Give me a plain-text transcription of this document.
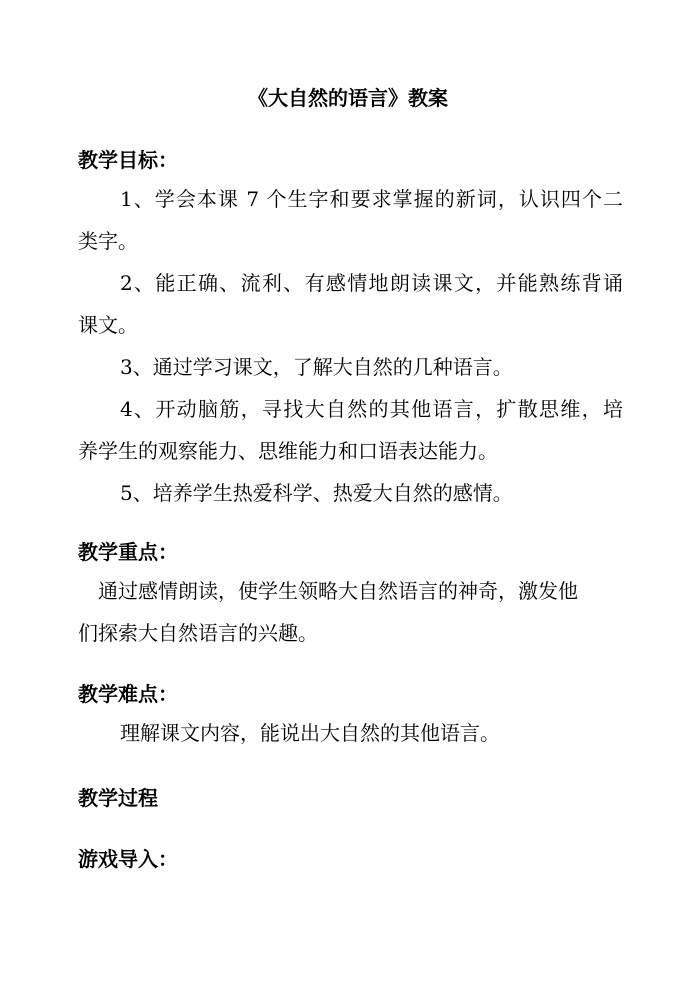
《大自然的语言》教案
教学目标：
1、学会本课 7 个生字和要求掌握的新词，认识四个二
类字。
2、能正确、流利、有感情地朗读课文，并能熟练背诵
课文。
3、通过学习课文，了解大自然的几种语言。
4、开动脑筋，寻找大自然的其他语言，扩散思维，培
养学生的观察能力、思维能力和口语表达能力。
5、培养学生热爱科学、热爱大自然的感情。
教学重点：
通过感情朗读，使学生领略大自然语言的神奇，激发他
们探索大自然语言的兴趣。
教学难点：
理解课文内容，能说出大自然的其他语言。
教学过程
游戏导入：
